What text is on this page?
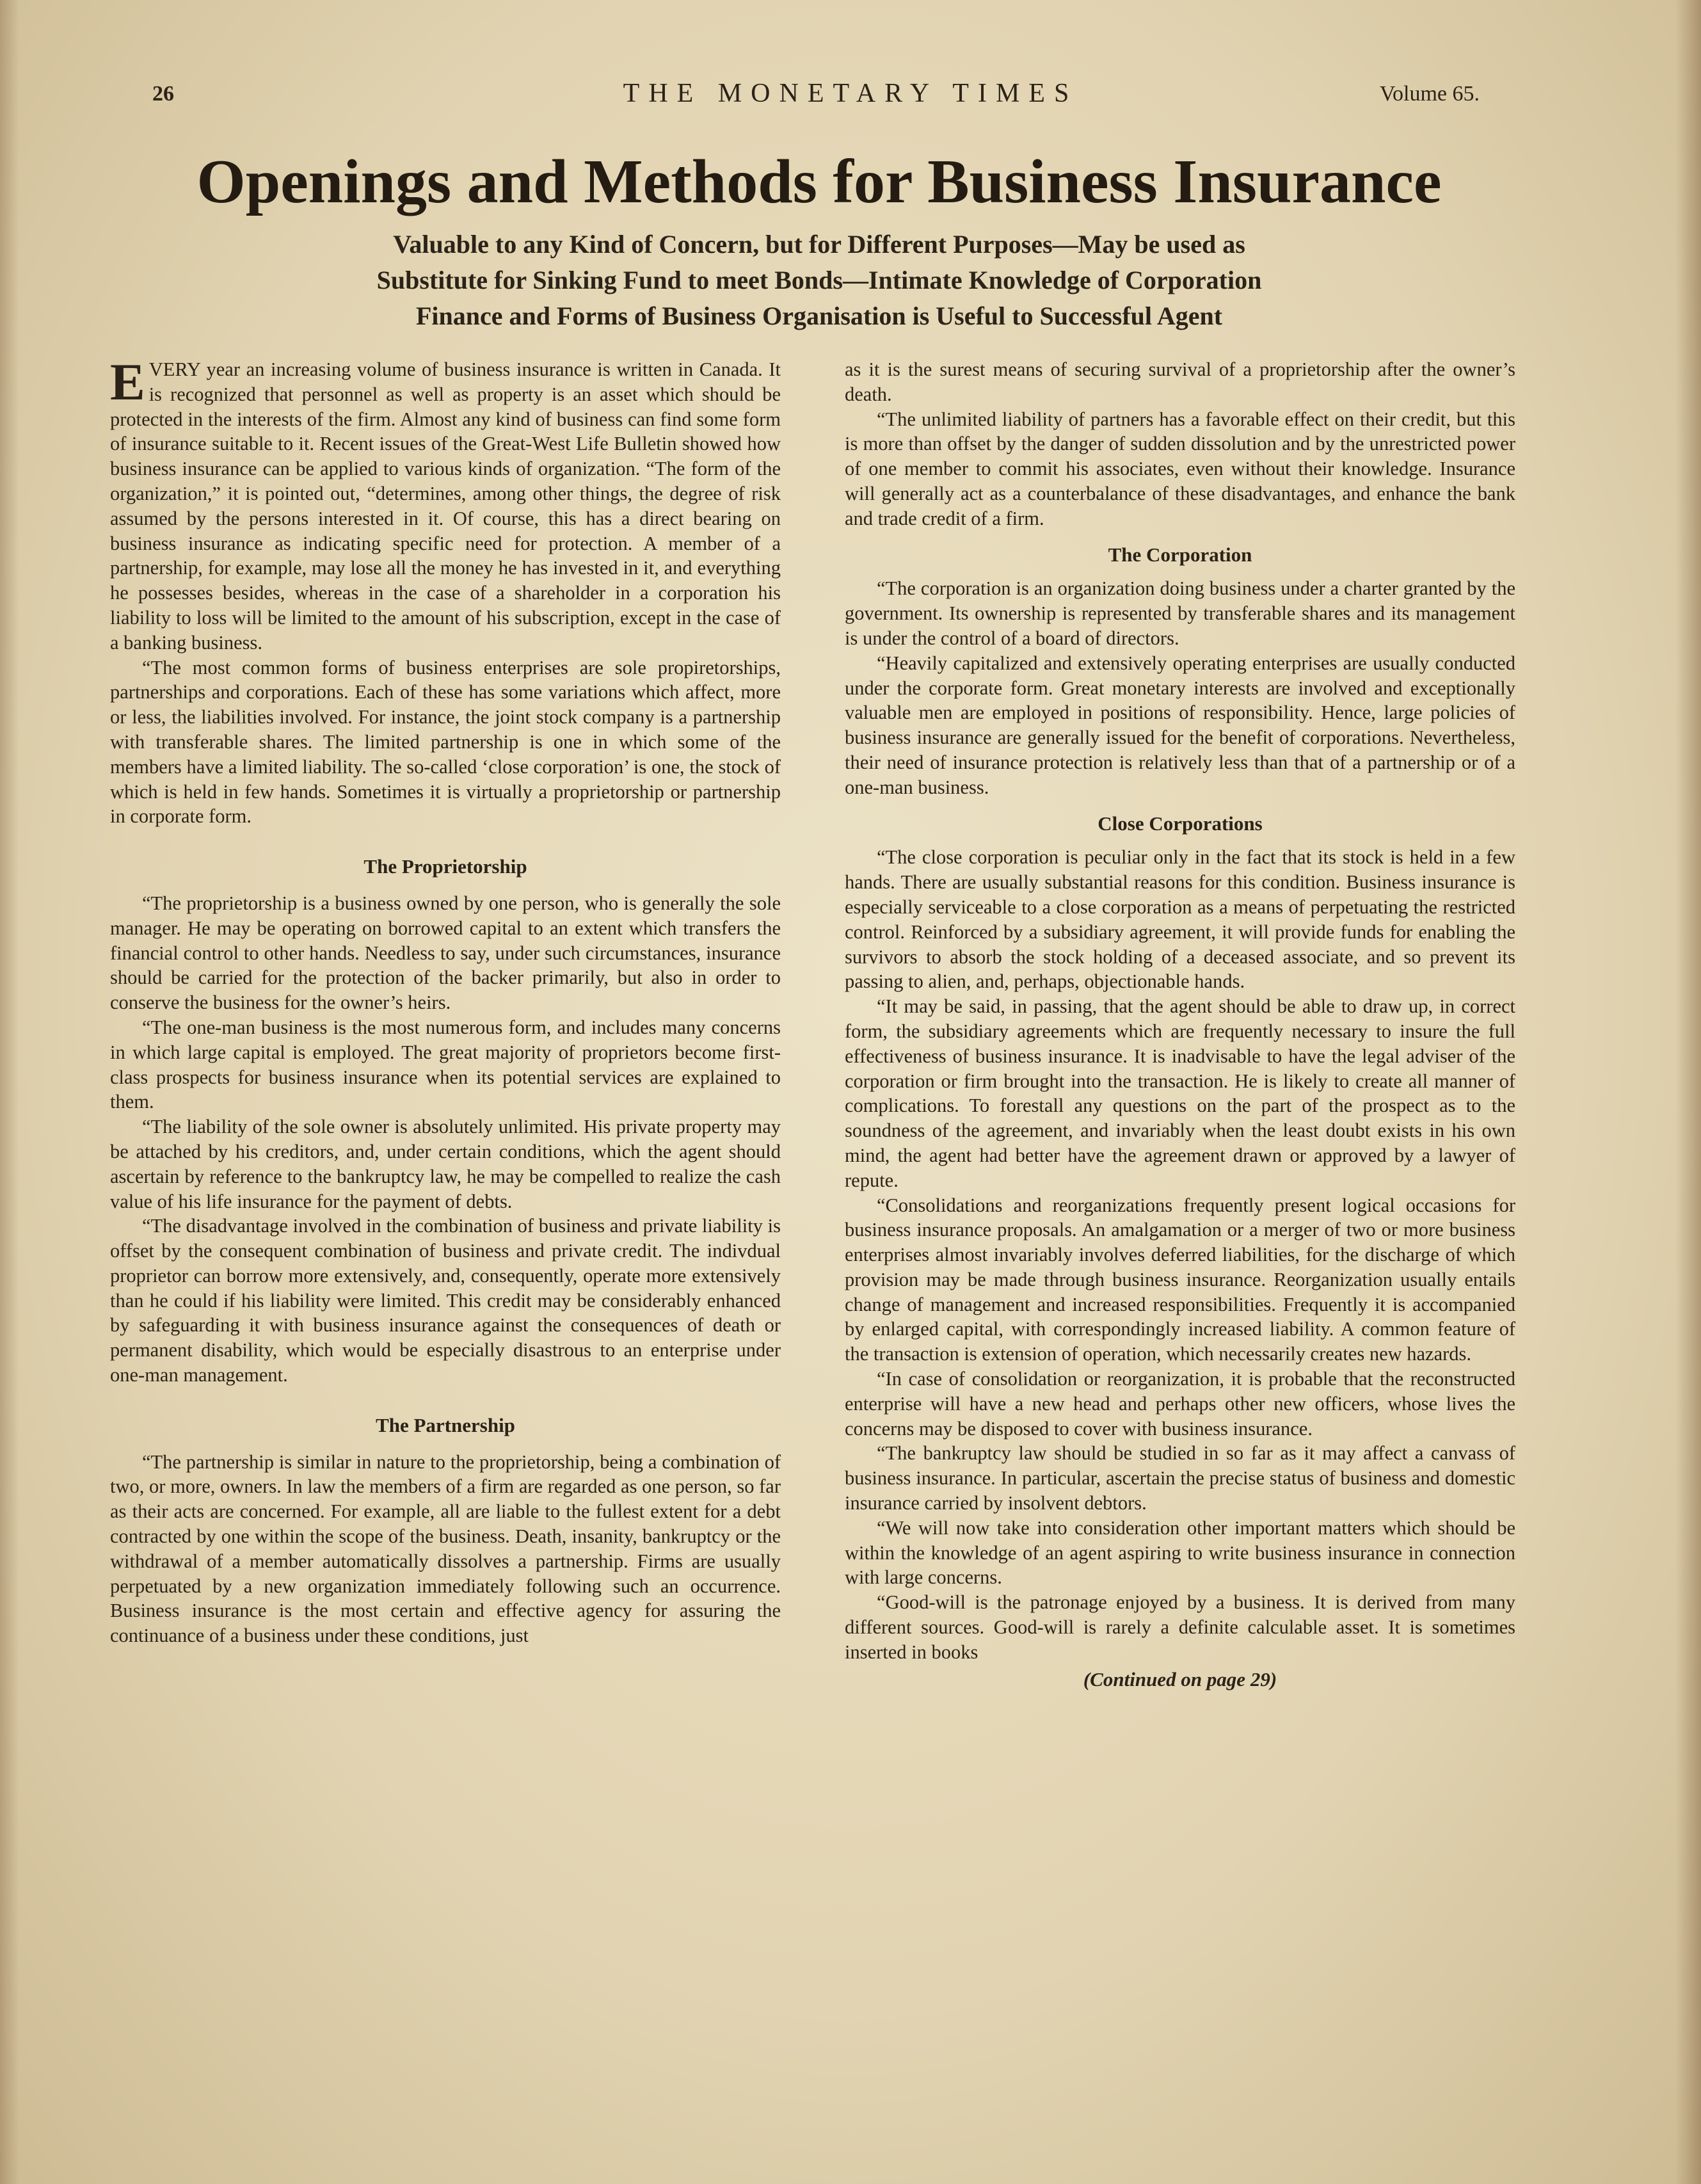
26	THE MONETARY TIMES	Volume 65.
Openings and Methods for Business Insurance
Valuable to any Kind of Concern, but for Different Purposes—May be used as
Substitute for Sinking Fund to meet Bonds—Intimate Knowledge of Corporation
Finance and Forms of Business Organisation is Useful to Successful Agent

EVERY year an increasing volume of business insurance is written in Canada. It is recognized that personnel as well as property is an asset which should be protected in the interests of the firm. Almost any kind of business can find some form of insurance suitable to it. Recent issues of the Great-West Life Bulletin showed how business insurance can be applied to various kinds of organization. “The form of the organization,” it is pointed out, “determines, among other things, the degree of risk assumed by the persons interested in it. Of course, this has a direct bearing on business insurance as indicating specific need for protection. A member of a partnership, for example, may lose all the money he has invested in it, and everything he possesses besides, whereas in the case of a shareholder in a corporation his liability to loss will be limited to the amount of his subscription, except in the case of a banking business.

“The most common forms of business enterprises are sole propiretorships, partnerships and corporations. Each of these has some variations which affect, more or less, the liabilities involved. For instance, the joint stock company is a partnership with transferable shares. The limited partnership is one in which some of the members have a limited liability. The so-called ‘close corporation’ is one, the stock of which is held in few hands. Sometimes it is virtually a proprietorship or partnership in corporate form.

The Proprietorship

“The proprietorship is a business owned by one person, who is generally the sole manager. He may be operating on borrowed capital to an extent which transfers the financial control to other hands. Needless to say, under such circumstances, insurance should be carried for the protection of the backer primarily, but also in order to conserve the business for the owner’s heirs.

“The one-man business is the most numerous form, and includes many concerns in which large capital is employed. The great majority of proprietors become first-class prospects for business insurance when its potential services are explained to them.

“The liability of the sole owner is absolutely unlimited. His private property may be attached by his creditors, and, under certain conditions, which the agent should ascertain by reference to the bankruptcy law, he may be compelled to realize the cash value of his life insurance for the payment of debts.

“The disadvantage involved in the combination of business and private liability is offset by the consequent combination of business and private credit. The indivdual proprietor can borrow more extensively, and, consequently, operate more extensively than he could if his liability were limited. This credit may be considerably enhanced by safeguarding it with business insurance against the consequences of death or permanent disability, which would be especially disastrous to an enterprise under one-man management.

The Partnership

“The partnership is similar in nature to the proprietorship, being a combination of two, or more, owners. In law the members of a firm are regarded as one person, so far as their acts are concerned. For example, all are liable to the fullest extent for a debt contracted by one within the scope of the business. Death, insanity, bankruptcy or the withdrawal of a member automatically dissolves a partnership. Firms are usually perpetuated by a new organization immediately following such an occurrence. Business insurance is the most certain and effective agency for assuring the continuance of a business under these conditions, just

as it is the surest means of securing survival of a proprietorship after the owner’s death.

“The unlimited liability of partners has a favorable effect on their credit, but this is more than offset by the danger of sudden dissolution and by the unrestricted power of one member to commit his associates, even without their knowledge. Insurance will generally act as a counterbalance of these disadvantages, and enhance the bank and trade credit of a firm.

The Corporation

“The corporation is an organization doing business under a charter granted by the government. Its ownership is represented by transferable shares and its management is under the control of a board of directors.

“Heavily capitalized and extensively operating enterprises are usually conducted under the corporate form. Great monetary interests are involved and exceptionally valuable men are employed in positions of responsibility. Hence, large policies of business insurance are generally issued for the benefit of corporations. Nevertheless, their need of insurance protection is relatively less than that of a partnership or of a one-man business.

Close Corporations

“The close corporation is peculiar only in the fact that its stock is held in a few hands. There are usually substantial reasons for this condition. Business insurance is especially serviceable to a close corporation as a means of perpetuating the restricted control. Reinforced by a subsidiary agreement, it will provide funds for enabling the survivors to absorb the stock holding of a deceased associate, and so prevent its passing to alien, and, perhaps, objectionable hands.

“It may be said, in passing, that the agent should be able to draw up, in correct form, the subsidiary agreements which are frequently necessary to insure the full effectiveness of business insurance. It is inadvisable to have the legal adviser of the corporation or firm brought into the transaction. He is likely to create all manner of complications. To forestall any questions on the part of the prospect as to the soundness of the agreement, and invariably when the least doubt exists in his own mind, the agent had better have the agreement drawn or approved by a lawyer of repute.

“Consolidations and reorganizations frequently present logical occasions for business insurance proposals. An amalgamation or a merger of two or more business enterprises almost invariably involves deferred liabilities, for the discharge of which provision may be made through business insurance. Reorganization usually entails change of management and increased responsibilities. Frequently it is accompanied by enlarged capital, with correspondingly increased liability. A common feature of the transaction is extension of operation, which necessarily creates new hazards.

“In case of consolidation or reorganization, it is probable that the reconstructed enterprise will have a new head and perhaps other new officers, whose lives the concerns may be disposed to cover with business insurance.

“The bankruptcy law should be studied in so far as it may affect a canvass of business insurance. In particular, ascertain the precise status of business and domestic insurance carried by insolvent debtors.

“We will now take into consideration other important matters which should be within the knowledge of an agent aspiring to write business insurance in connection with large concerns.

“Good-will is the patronage enjoyed by a business. It is derived from many different sources. Good-will is rarely a definite calculable asset. It is sometimes inserted in books

(Continued on page 29)
